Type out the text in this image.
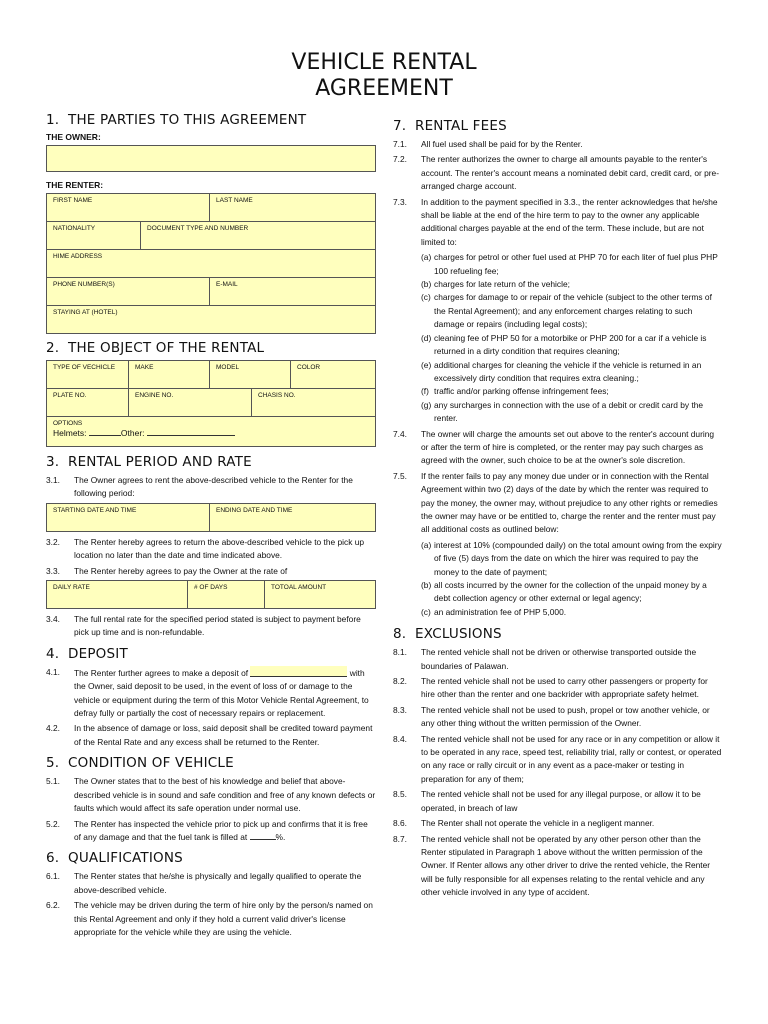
VEHICLE RENTAL
AGREEMENT
1. THE PARTIES TO THIS AGREEMENT
THE OWNER:
THE RENTER:
FIRST NAME	LAST NAME
NATIONALITY	DOCUMENT TYPE AND NUMBER
HIME ADDRESS
PHONE NUMBER(S)	E-MAIL
STAYING AT (HOTEL)
2. THE OBJECT OF THE RENTAL
TYPE OF VECHICLE	MAKE	MODEL	COLOR
PLATE NO.	ENGINE NO.	CHASIS NO.
OPTIONS
Helmets:	Other:
3. RENTAL PERIOD AND RATE
3.1.	The Owner agrees to rent the above-described vehicle to the Renter for the following period:
STARTING DATE AND TIME	ENDING DATE AND TIME
3.2.	The Renter hereby agrees to return the above-described vehicle to the pick up location no later than the date and time indicated above.
3.3.	The Renter hereby agrees to pay the Owner at the rate of
DAILY RATE	# OF DAYS	TOTOAL AMOUNT
3.4.	The full rental rate for the specified period stated is subject to payment before pick up time and is non-refundable.
4. DEPOSIT
4.1.	The Renter further agrees to make a deposit of	with the Owner, said deposit to be used, in the event of loss of or damage to the vehicle or equipment during the term of this Motor Vehicle Rental Agreement, to defray fully or partially the cost of necessary repairs or replacement.
4.2.	In the absence of damage or loss, said deposit shall be credited toward payment of the Rental Rate and any excess shall be returned to the Renter.
5. CONDITION OF VEHICLE
5.1.	The Owner states that to the best of his knowledge and belief that above-described vehicle is in sound and safe condition and free of any known defects or faults which would affect its safe operation under normal use.
5.2.	The Renter has inspected the vehicle prior to pick up and confirms that it is free of any damage and that the fuel tank is filled at	%.
6. QUALIFICATIONS
6.1.	The Renter states that he/she is physically and legally qualified to operate the above-described vehicle.
6.2.	The vehicle may be driven during the term of hire only by the person/s named on this Rental Agreement and only if they hold a current valid driver's license appropriate for the vehicle while they are using the vehicle.
7. RENTAL FEES
7.1.	All fuel used shall be paid for by the Renter.
7.2.	The renter authorizes the owner to charge all amounts payable to the renter's account. The renter's account means a nominated debit card, credit card, or pre-arranged charge account.
7.3.	In addition to the payment specified in 3.3., the renter acknowledges that he/she shall be liable at the end of the hire term to pay to the owner any applicable additional charges payable at the end of the term. These include, but are not limited to:
(a) charges for petrol or other fuel used at PHP 70 for each liter of fuel plus PHP 100 refueling fee;
(b) charges for late return of the vehicle;
(c) charges for damage to or repair of the vehicle (subject to the other terms of the Rental Agreement); and any enforcement charges relating to such damage or repairs (including legal costs);
(d) cleaning fee of PHP 50 for a motorbike or PHP 200 for a car if a vehicle is returned in a dirty condition that requires cleaning;
(e) additional charges for cleaning the vehicle if the vehicle is returned in an excessively dirty condition that requires extra cleaning.;
(f) traffic and/or parking offense infringement fees;
(g) any surcharges in connection with the use of a debit or credit card by the renter.
7.4.	The owner will charge the amounts set out above to the renter's account during or after the term of hire is completed, or the renter may pay such charges as agreed with the owner, such choice to be at the owner's sole discretion.
7.5.	If the renter fails to pay any money due under or in connection with the Rental Agreement within two (2) days of the date by which the renter was required to pay the money, the owner may, without prejudice to any other rights or remedies the owner may have or be entitled to, charge the renter and the renter must pay all additional costs as outlined below:
(a) interest at 10% (compounded daily) on the total amount owing from the expiry of five (5) days from the date on which the hirer was required to pay the money to the date of payment;
(b) all costs incurred by the owner for the collection of the unpaid money by a debt collection agency or other external or legal agency;
(c) an administration fee of PHP 5,000.
8. EXCLUSIONS
8.1.	The rented vehicle shall not be driven or otherwise transported outside the boundaries of Palawan.
8.2.	The rented vehicle shall not be used to carry other passengers or property for hire other than the renter and one backrider with appropriate safety helmet.
8.3.	The rented vehicle shall not be used to push, propel or tow another vehicle, or any other thing without the written permission of the Owner.
8.4.	The rented vehicle shall not be used for any race or in any competition or allow it to be operated in any race, speed test, reliability trial, rally or contest, or operated on any race or rally circuit or in any event as a pace-maker or testing in preparation for any of them;
8.5.	The rented vehicle shall not be used for any illegal purpose, or allow it to be operated, in breach of law
8.6.	The Renter shall not operate the vehicle in a negligent manner.
8.7.	The rented vehicle shall not be operated by any other person other than the Renter stipulated in Paragraph 1 above without the written permission of the Owner. If Renter allows any other driver to drive the rented vehicle, the Renter will be fully responsible for all expenses relating to the rental vehicle and any other vehicle involved in any type of accident.
